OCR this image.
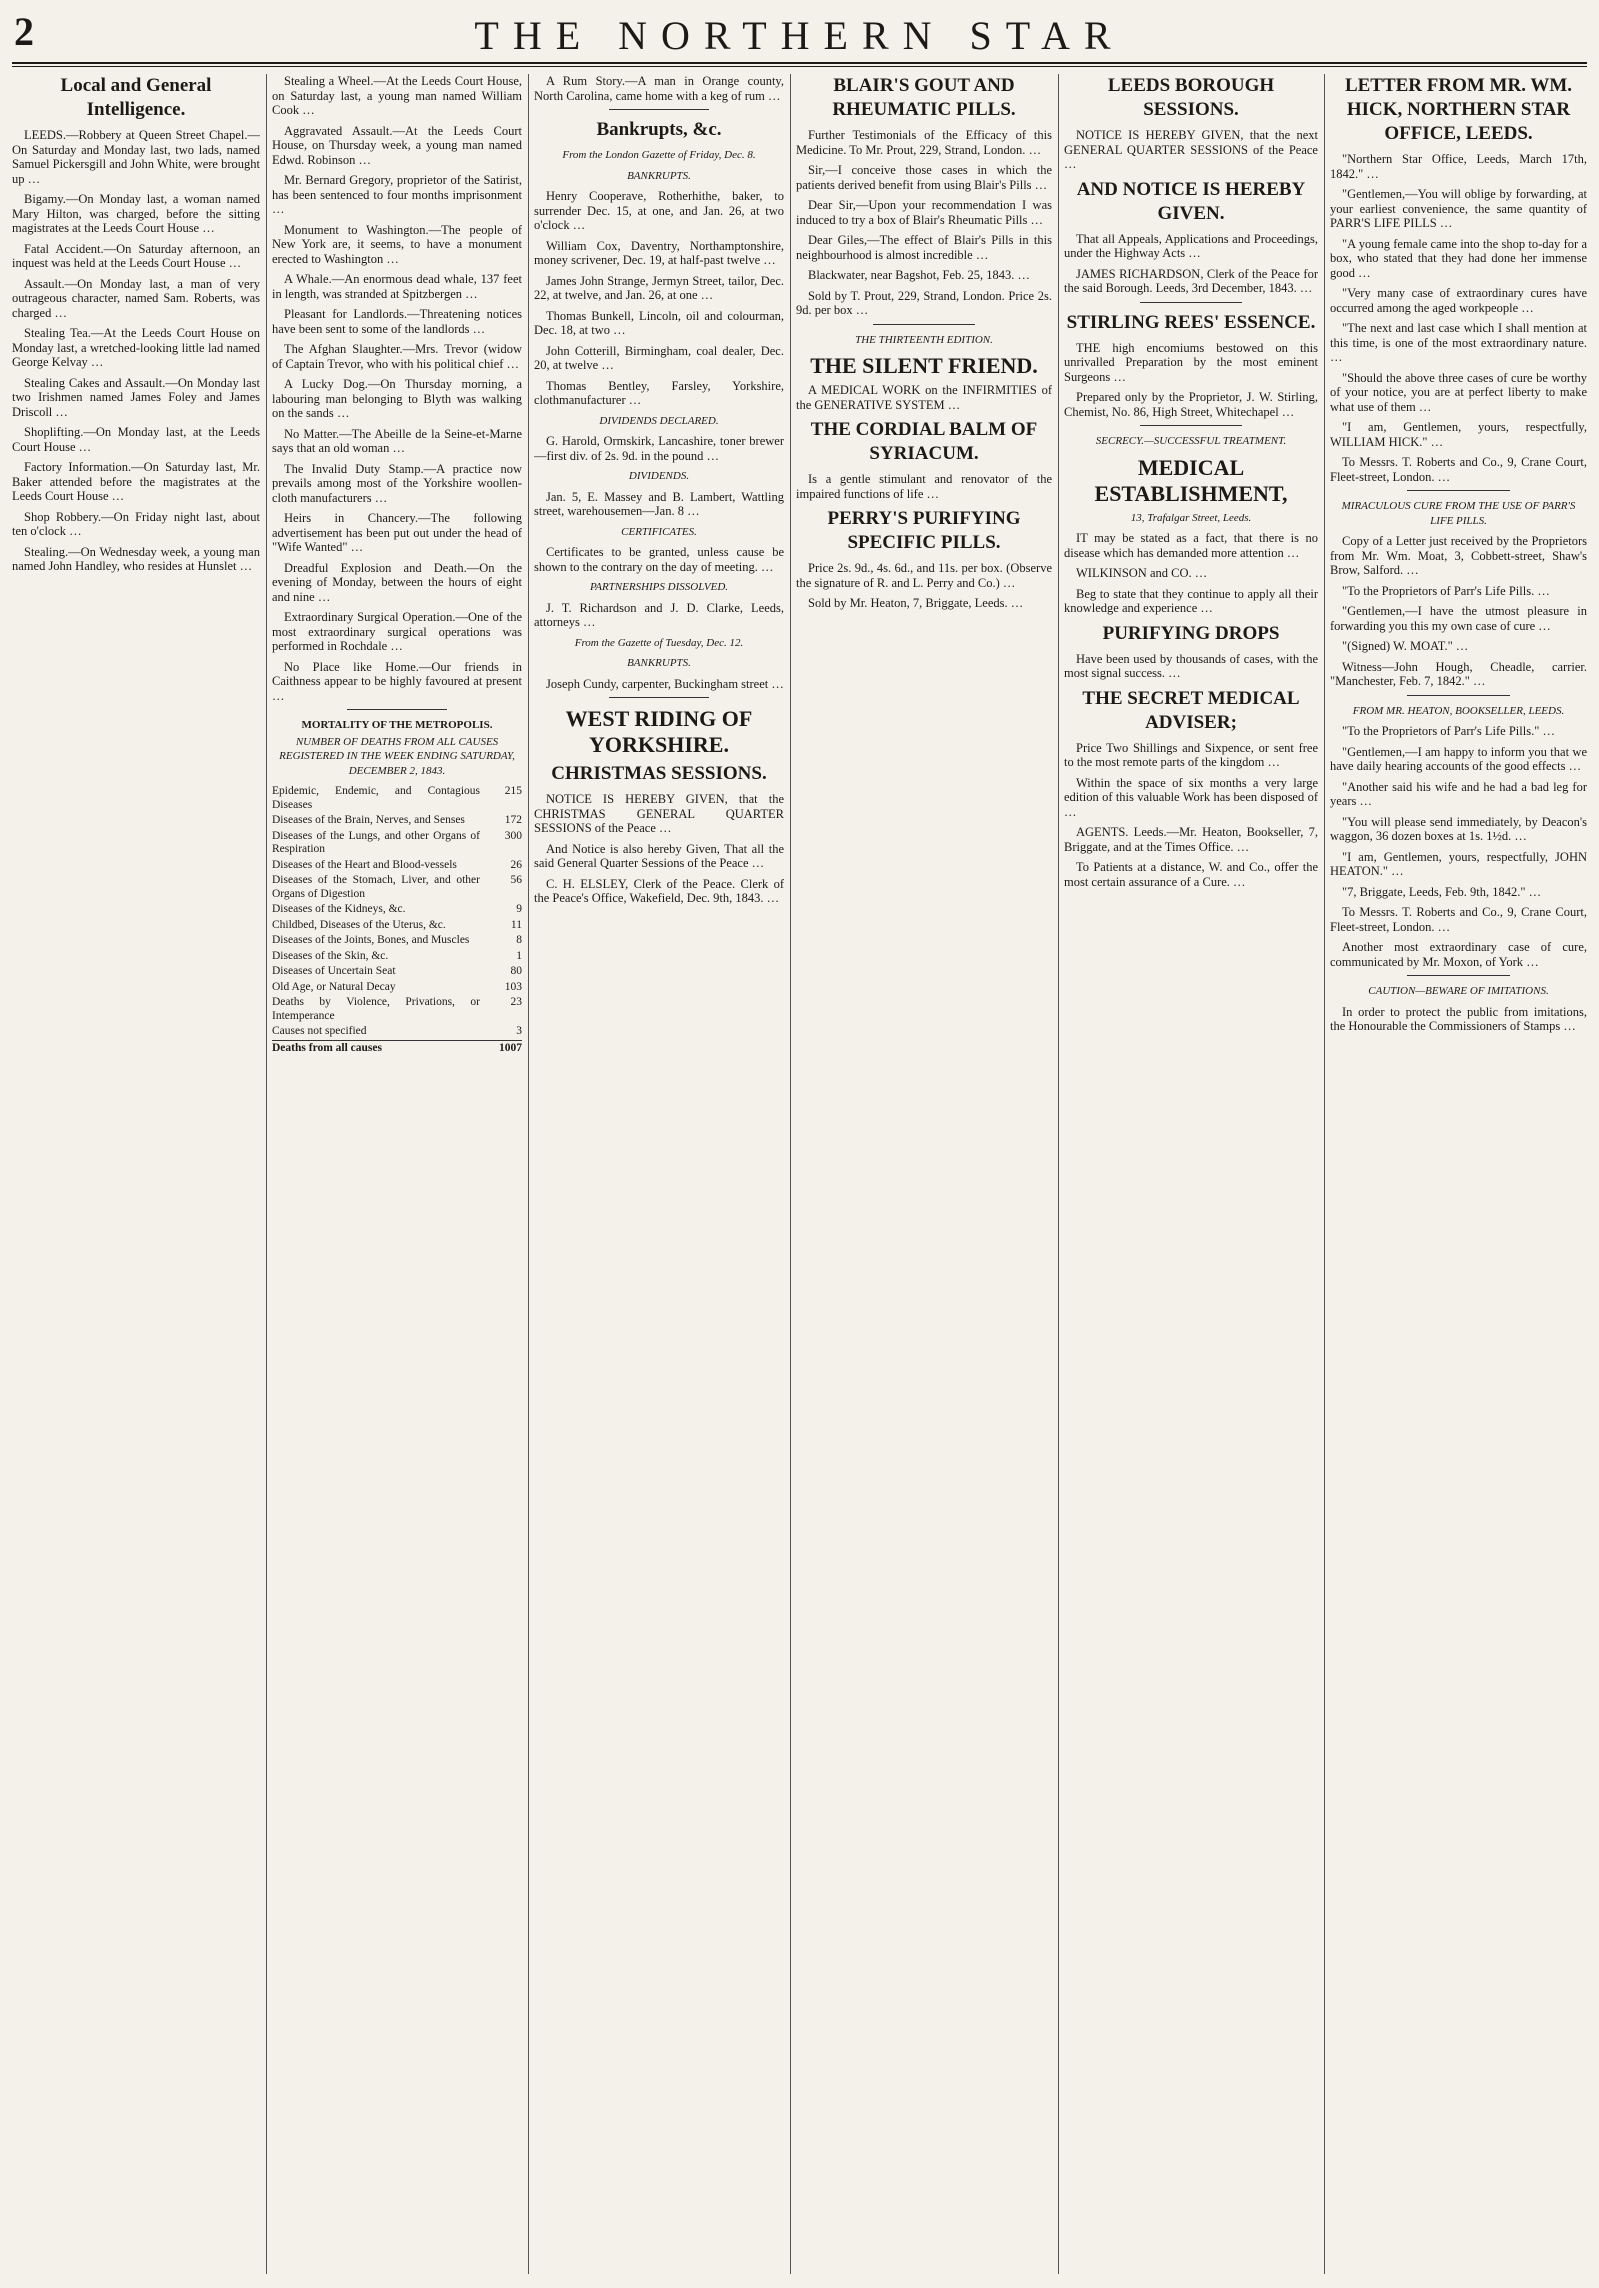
2	THE NORTHERN STAR
Local and General Intelligence.

LEEDS.—Robbery at Queen Street Chapel.—On Saturday and Monday last, two lads, named Samuel Pickersgill and John White, were brought up …

Bigamy.—On Monday last, a woman named Mary Hilton, was charged, before the sitting magistrates at the Leeds Court House …

Fatal Accident.—On Saturday afternoon, an inquest was held at the Leeds Court House …

Assault.—On Monday last, a man of very outrageous character, named Sam. Roberts, was charged …

Stealing Tea.—At the Leeds Court House on Monday last, a wretched-looking little lad named George Kelvay …

Stealing Cakes and Assault.—On Monday last two Irishmen named James Foley and James Driscoll …

Shoplifting.—On Monday last, at the Leeds Court House …

Factory Information.—On Saturday last, Mr. Baker attended before the magistrates at the Leeds Court House …

Shop Robbery.—On Friday night last, about ten o'clock …

Stealing.—On Wednesday week, a young man named John Handley, who resides at Hunslet …

Stealing a Wheel.—At the Leeds Court House, on Saturday last, a young man named William Cook …

Aggravated Assault.—At the Leeds Court House, on Thursday week, a young man named Edwd. Robinson …

Mr. Bernard Gregory, proprietor of the Satirist, has been sentenced to four months imprisonment …

Monument to Washington.—The people of New York are, it seems, to have a monument erected to Washington …

A Whale.—An enormous dead whale, 137 feet in length, was stranded at Spitzbergen …

Pleasant for Landlords.—Threatening notices have been sent to some of the landlords …

The Afghan Slaughter.—Mrs. Trevor (widow of Captain Trevor, who with his political chief …

A Lucky Dog.—On Thursday morning, a labouring man belonging to Blyth was walking on the sands …

No Matter.—The Abeille de la Seine-et-Marne says that an old woman …

The Invalid Duty Stamp.—A practice now prevails among most of the Yorkshire woollen-cloth manufacturers …

Heirs in Chancery.—The following advertisement has been put out under the head of "Wife Wanted" …

Dreadful Explosion and Death.—On the evening of Monday, between the hours of eight and nine …

Extraordinary Surgical Operation.—One of the most extraordinary surgical operations was performed in Rochdale …

No Place like Home.—Our friends in Caithness appear to be highly favoured at present …

MORTALITY OF THE METROPOLIS.
NUMBER OF DEATHS FROM ALL CAUSES REGISTERED IN THE WEEK ENDING SATURDAY, DECEMBER 2, 1843.
Epidemic, Endemic, and Contagious Diseases	215
Diseases of the Brain, Nerves, and Senses	172
Diseases of the Lungs, and other Organs of Respiration	300
Diseases of the Heart and Blood-vessels	26
Diseases of the Stomach, Liver, and other Organs of Digestion	56
Diseases of the Kidneys, &c.	9
Childbed, Diseases of the Uterus, &c.	11
Diseases of the Joints, Bones, and Muscles	8
Diseases of the Skin, &c.	1
Diseases of Uncertain Seat	80
Old Age, or Natural Decay	103
Deaths by Violence, Privations, or Intemperance	23
Causes not specified	3
Deaths from all causes	1007

A Rum Story.—A man in Orange county, North Carolina, came home with a keg of rum …

Bankrupts, &c.
From the London Gazette of Friday, Dec. 8.
BANKRUPTS.

Henry Cooperave, Rotherhithe, baker, to surrender Dec. 15, at one, and Jan. 26, at two o'clock …

William Cox, Daventry, Northamptonshire, money scrivener, Dec. 19, at half-past twelve …

James John Strange, Jermyn Street, tailor, Dec. 22, at twelve, and Jan. 26, at one …

Thomas Bunkell, Lincoln, oil and colourman, Dec. 18, at two …

John Cotterill, Birmingham, coal dealer, Dec. 20, at twelve …

Thomas Bentley, Farsley, Yorkshire, clothmanufacturer …

DIVIDENDS DECLARED.

G. Harold, Ormskirk, Lancashire, toner brewer—first div. of 2s. 9d. in the pound …

DIVIDENDS.

Jan. 5, E. Massey and B. Lambert, Wattling street, warehousemen—Jan. 8 …

CERTIFICATES.

Certificates to be granted, unless cause be shown to the contrary on the day of meeting. …

PARTNERSHIPS DISSOLVED.

J. T. Richardson and J. D. Clarke, Leeds, attorneys …

From the Gazette of Tuesday, Dec. 12.
BANKRUPTS.

Joseph Cundy, carpenter, Buckingham street …

WEST RIDING OF YORKSHIRE.
CHRISTMAS SESSIONS.

NOTICE IS HEREBY GIVEN, that the CHRISTMAS GENERAL QUARTER SESSIONS of the Peace …

And Notice is also hereby Given, That all the said General Quarter Sessions of the Peace …

C. H. ELSLEY, Clerk of the Peace. Clerk of the Peace's Office, Wakefield, Dec. 9th, 1843. …

BLAIR'S GOUT AND RHEUMATIC PILLS.

Further Testimonials of the Efficacy of this Medicine. To Mr. Prout, 229, Strand, London. …

Sir,—I conceive those cases in which the patients derived benefit from using Blair's Pills …

Dear Sir,—Upon your recommendation I was induced to try a box of Blair's Rheumatic Pills …

Dear Giles,—The effect of Blair's Pills in this neighbourhood is almost incredible …

Blackwater, near Bagshot, Feb. 25, 1843. …

Sold by T. Prout, 229, Strand, London. Price 2s. 9d. per box …

THE THIRTEENTH EDITION.
THE SILENT FRIEND.

A MEDICAL WORK on the INFIRMITIES of the GENERATIVE SYSTEM …

THE CORDIAL BALM OF SYRIACUM.

Is a gentle stimulant and renovator of the impaired functions of life …

PERRY'S PURIFYING SPECIFIC PILLS.

Price 2s. 9d., 4s. 6d., and 11s. per box. (Observe the signature of R. and L. Perry and Co.) …

Sold by Mr. Heaton, 7, Briggate, Leeds. …

LEEDS BOROUGH SESSIONS.

NOTICE IS HEREBY GIVEN, that the next GENERAL QUARTER SESSIONS of the Peace …

AND NOTICE IS HEREBY GIVEN.

That all Appeals, Applications and Proceedings, under the Highway Acts …

JAMES RICHARDSON, Clerk of the Peace for the said Borough. Leeds, 3rd December, 1843. …

STIRLING REES' ESSENCE.

THE high encomiums bestowed on this unrivalled Preparation by the most eminent Surgeons …

Prepared only by the Proprietor, J. W. Stirling, Chemist, No. 86, High Street, Whitechapel …

SECRECY.—SUCCESSFUL TREATMENT.
MEDICAL ESTABLISHMENT,
13, Trafalgar Street, Leeds.

IT may be stated as a fact, that there is no disease which has demanded more attention …

WILKINSON and CO. …

Beg to state that they continue to apply all their knowledge and experience …

PURIFYING DROPS

Have been used by thousands of cases, with the most signal success. …

THE SECRET MEDICAL ADVISER;

Price Two Shillings and Sixpence, or sent free to the most remote parts of the kingdom …

Within the space of six months a very large edition of this valuable Work has been disposed of …

AGENTS. Leeds.—Mr. Heaton, Bookseller, 7, Briggate, and at the Times Office. …

To Patients at a distance, W. and Co., offer the most certain assurance of a Cure. …

LETTER FROM MR. WM. HICK, NORTHERN STAR OFFICE, LEEDS.

"Northern Star Office, Leeds, March 17th, 1842." …

"Gentlemen,—You will oblige by forwarding, at your earliest convenience, the same quantity of PARR'S LIFE PILLS …

"A young female came into the shop to-day for a box, who stated that they had done her immense good …

"Very many case of extraordinary cures have occurred among the aged workpeople …

"The next and last case which I shall mention at this time, is one of the most extraordinary nature. …

"Should the above three cases of cure be worthy of your notice, you are at perfect liberty to make what use of them …

"I am, Gentlemen, yours, respectfully, WILLIAM HICK." …

To Messrs. T. Roberts and Co., 9, Crane Court, Fleet-street, London. …

MIRACULOUS CURE FROM THE USE OF PARR'S LIFE PILLS.

Copy of a Letter just received by the Proprietors from Mr. Wm. Moat, 3, Cobbett-street, Shaw's Brow, Salford. …

"To the Proprietors of Parr's Life Pills. …

"Gentlemen,—I have the utmost pleasure in forwarding you this my own case of cure …

"(Signed) W. MOAT." …

Witness—John Hough, Cheadle, carrier. "Manchester, Feb. 7, 1842." …

FROM MR. HEATON, BOOKSELLER, LEEDS.

"To the Proprietors of Parr's Life Pills." …

"Gentlemen,—I am happy to inform you that we have daily hearing accounts of the good effects …

"Another said his wife and he had a bad leg for years …

"You will please send immediately, by Deacon's waggon, 36 dozen boxes at 1s. 1½d. …

"I am, Gentlemen, yours, respectfully, JOHN HEATON." …

"7, Briggate, Leeds, Feb. 9th, 1842." …

To Messrs. T. Roberts and Co., 9, Crane Court, Fleet-street, London. …

Another most extraordinary case of cure, communicated by Mr. Moxon, of York …

CAUTION—BEWARE OF IMITATIONS.

In order to protect the public from imitations, the Honourable the Commissioners of Stamps …
